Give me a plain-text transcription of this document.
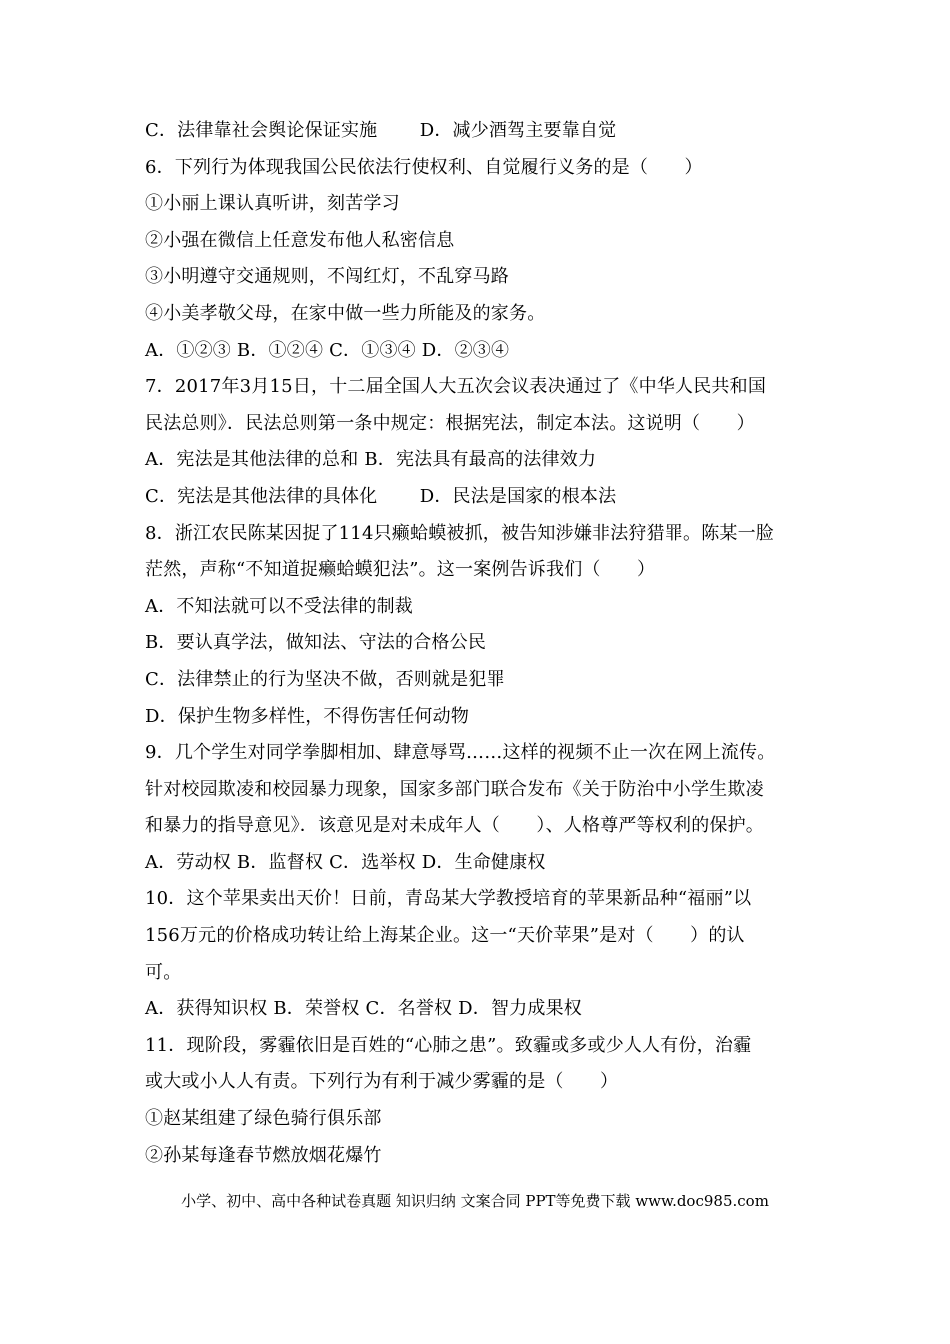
C．法律靠社会舆论保证实施 　　D．减少酒驾主要靠自觉
6．下列行为体现我国公民依法行使权利、自觉履行义务的是（　　）
①小丽上课认真听讲，刻苦学习
②小强在微信上任意发布他人私密信息
③小明遵守交通规则，不闯红灯，不乱穿马路
④小美孝敬父母，在家中做一些力所能及的家务。
A．①②③ B．①②④ C．①③④ D．②③④
7．2017年3月15日，十二届全国人大五次会议表决通过了《中华人民共和国
民法总则》．民法总则第一条中规定：根据宪法，制定本法。这说明（　　）
A．宪法是其他法律的总和 B．宪法具有最高的法律效力
C．宪法是其他法律的具体化 　　D．民法是国家的根本法
8．浙江农民陈某因捉了114只癞蛤蟆被抓，被告知涉嫌非法狩猎罪。陈某一脸
茫然，声称“不知道捉癞蛤蟆犯法”。这一案例告诉我们（　　）
A．不知法就可以不受法律的制裁
B．要认真学法，做知法、守法的合格公民
C．法律禁止的行为坚决不做，否则就是犯罪
D．保护生物多样性，不得伤害任何动物
9．几个学生对同学拳脚相加、肆意辱骂……这样的视频不止一次在网上流传。
针对校园欺凌和校园暴力现象，国家多部门联合发布《关于防治中小学生欺凌
和暴力的指导意见》．该意见是对未成年人（　　）、人格尊严等权利的保护。
A．劳动权 B．监督权 C．选举权 D．生命健康权
10．这个苹果卖出天价！日前，青岛某大学教授培育的苹果新品种“福丽”以
156万元的价格成功转让给上海某企业。这一“天价苹果”是对（　　）的认
可。
A．获得知识权 B．荣誉权 C．名誉权 D．智力成果权
11．现阶段，雾霾依旧是百姓的“心肺之患”。致霾或多或少人人有份，治霾
或大或小人人有责。下列行为有利于减少雾霾的是（　　）
①赵某组建了绿色骑行俱乐部
②孙某每逢春节燃放烟花爆竹
小学、初中、高中各种试卷真题 知识归纳 文案合同 PPT等免费下载 www.doc985.com
